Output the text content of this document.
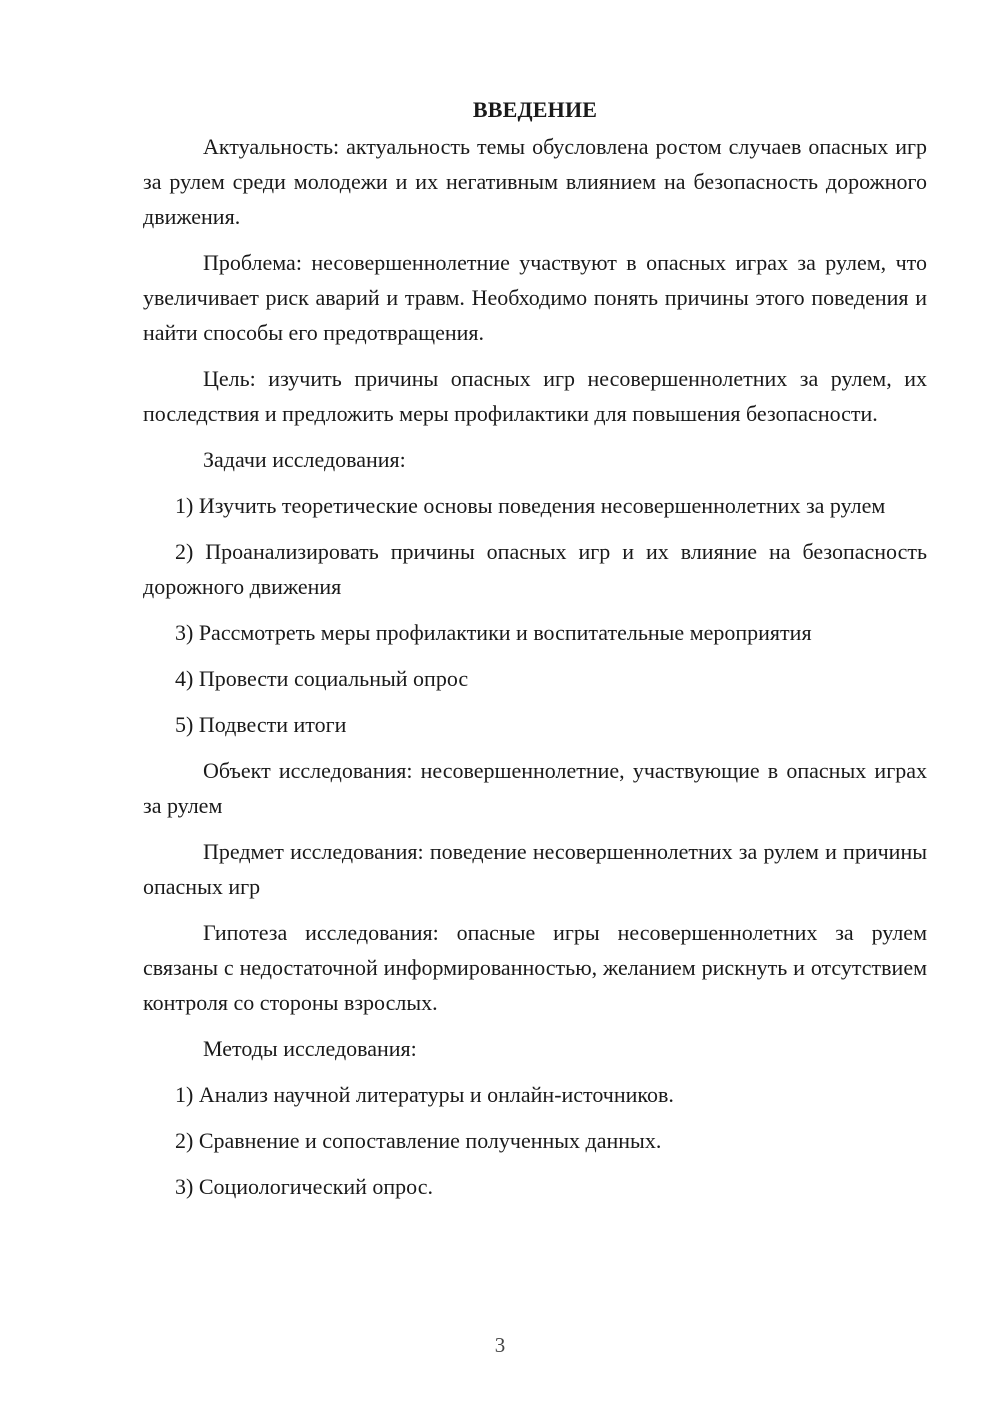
ВВЕДЕНИЕ

Актуальность: актуальность темы обусловлена ростом случаев опасных игр за рулем среди молодежи и их негативным влиянием на безопасность дорожного движения.

Проблема: несовершеннолетние участвуют в опасных играх за рулем, что увеличивает риск аварий и травм. Необходимо понять причины этого поведения и найти способы его предотвращения.

Цель: изучить причины опасных игр несовершеннолетних за рулем, их последствия и предложить меры профилактики для повышения безопасности.

Задачи исследования:

1) Изучить теоретические основы поведения несовершеннолетних за рулем

2) Проанализировать причины опасных игр и их влияние на безопасность дорожного движения

3) Рассмотреть меры профилактики и воспитательные мероприятия

4) Провести социальный опрос

5) Подвести итоги

Объект исследования: несовершеннолетние, участвующие в опасных играх за рулем

Предмет исследования: поведение несовершеннолетних за рулем и причины опасных игр

Гипотеза исследования: опасные игры несовершеннолетних за рулем связаны с недостаточной информированностью, желанием рискнуть и отсутствием контроля со стороны взрослых.

Методы исследования:

1) Анализ научной литературы и онлайн-источников.

2) Сравнение и сопоставление полученных данных.

3) Социологический опрос.

3
